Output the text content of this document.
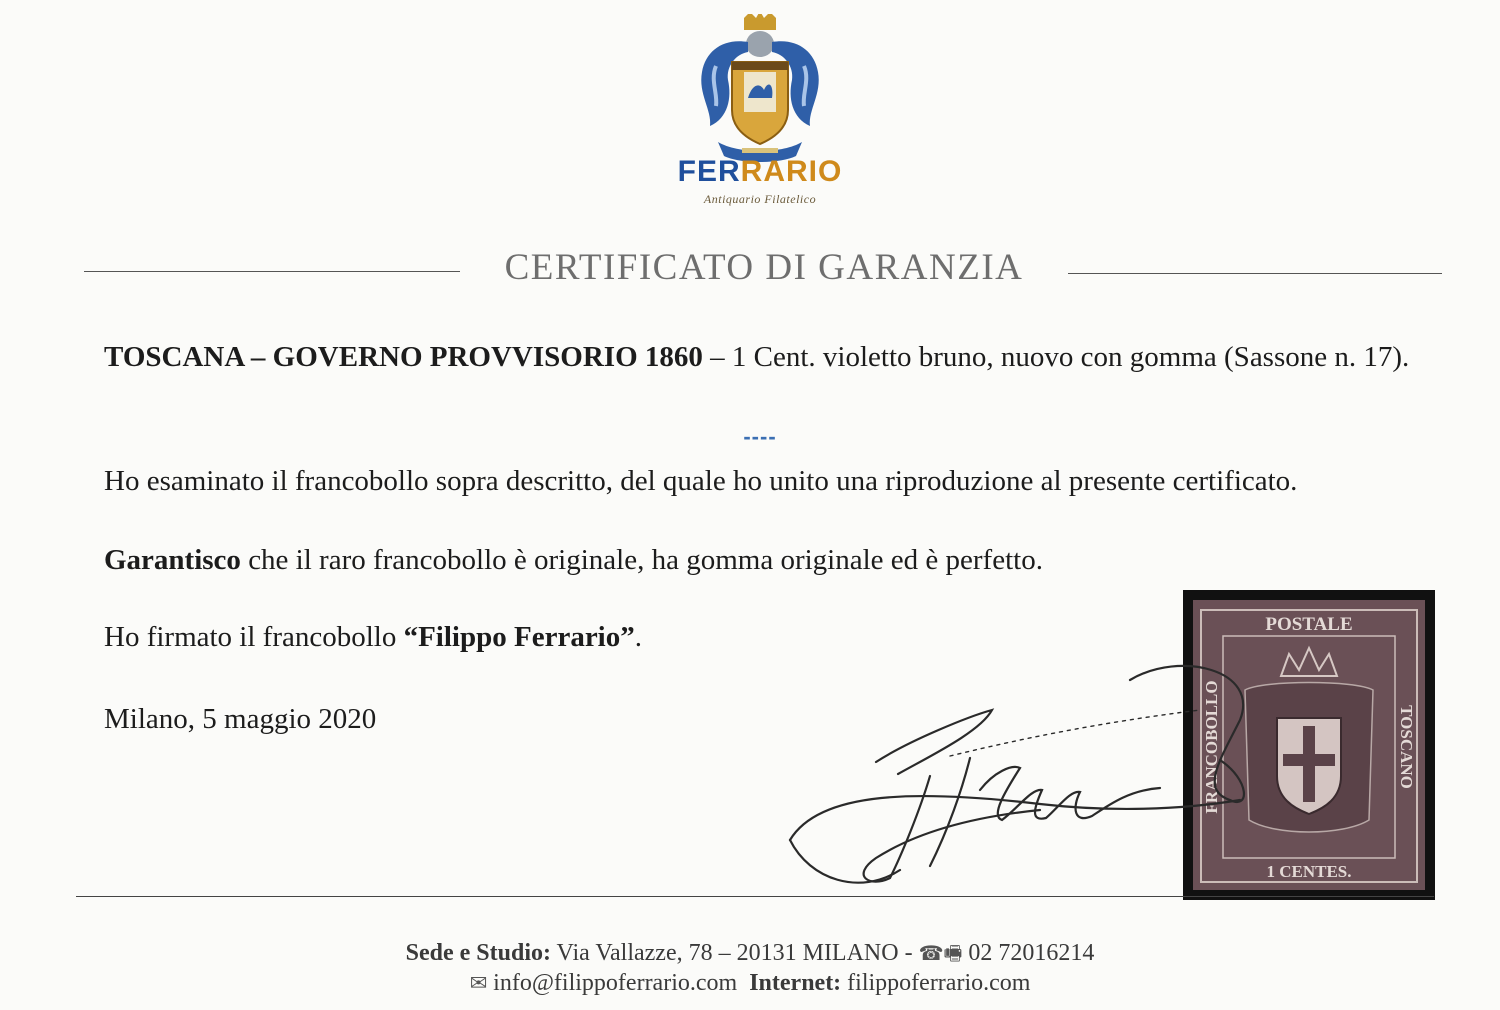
FERRARIO

Antiquario Filatelico
CERTIFICATO DI GARANZIA

TOSCANA – GOVERNO PROVVISORIO 1860 – 1 Cent. violetto bruno, nuovo con gomma (Sassone n. 17).

----

Ho esaminato il francobollo sopra descritto, del quale ho unito una riproduzione al presente certificato.

Garantisco che il raro francobollo è originale, ha gomma originale ed è perfetto.

Ho firmato il francobollo “Filippo Ferrario”.

Milano, 5 maggio 2020

POSTALE
1 CENTES.
FRANCOBOLLO	TOSCANO
Sede e Studio: Via Vallazze, 78 – 20131 MILANO - ☎🖷 02 72016214
✉ info@filippoferrario.com Internet: filippoferrario.com
